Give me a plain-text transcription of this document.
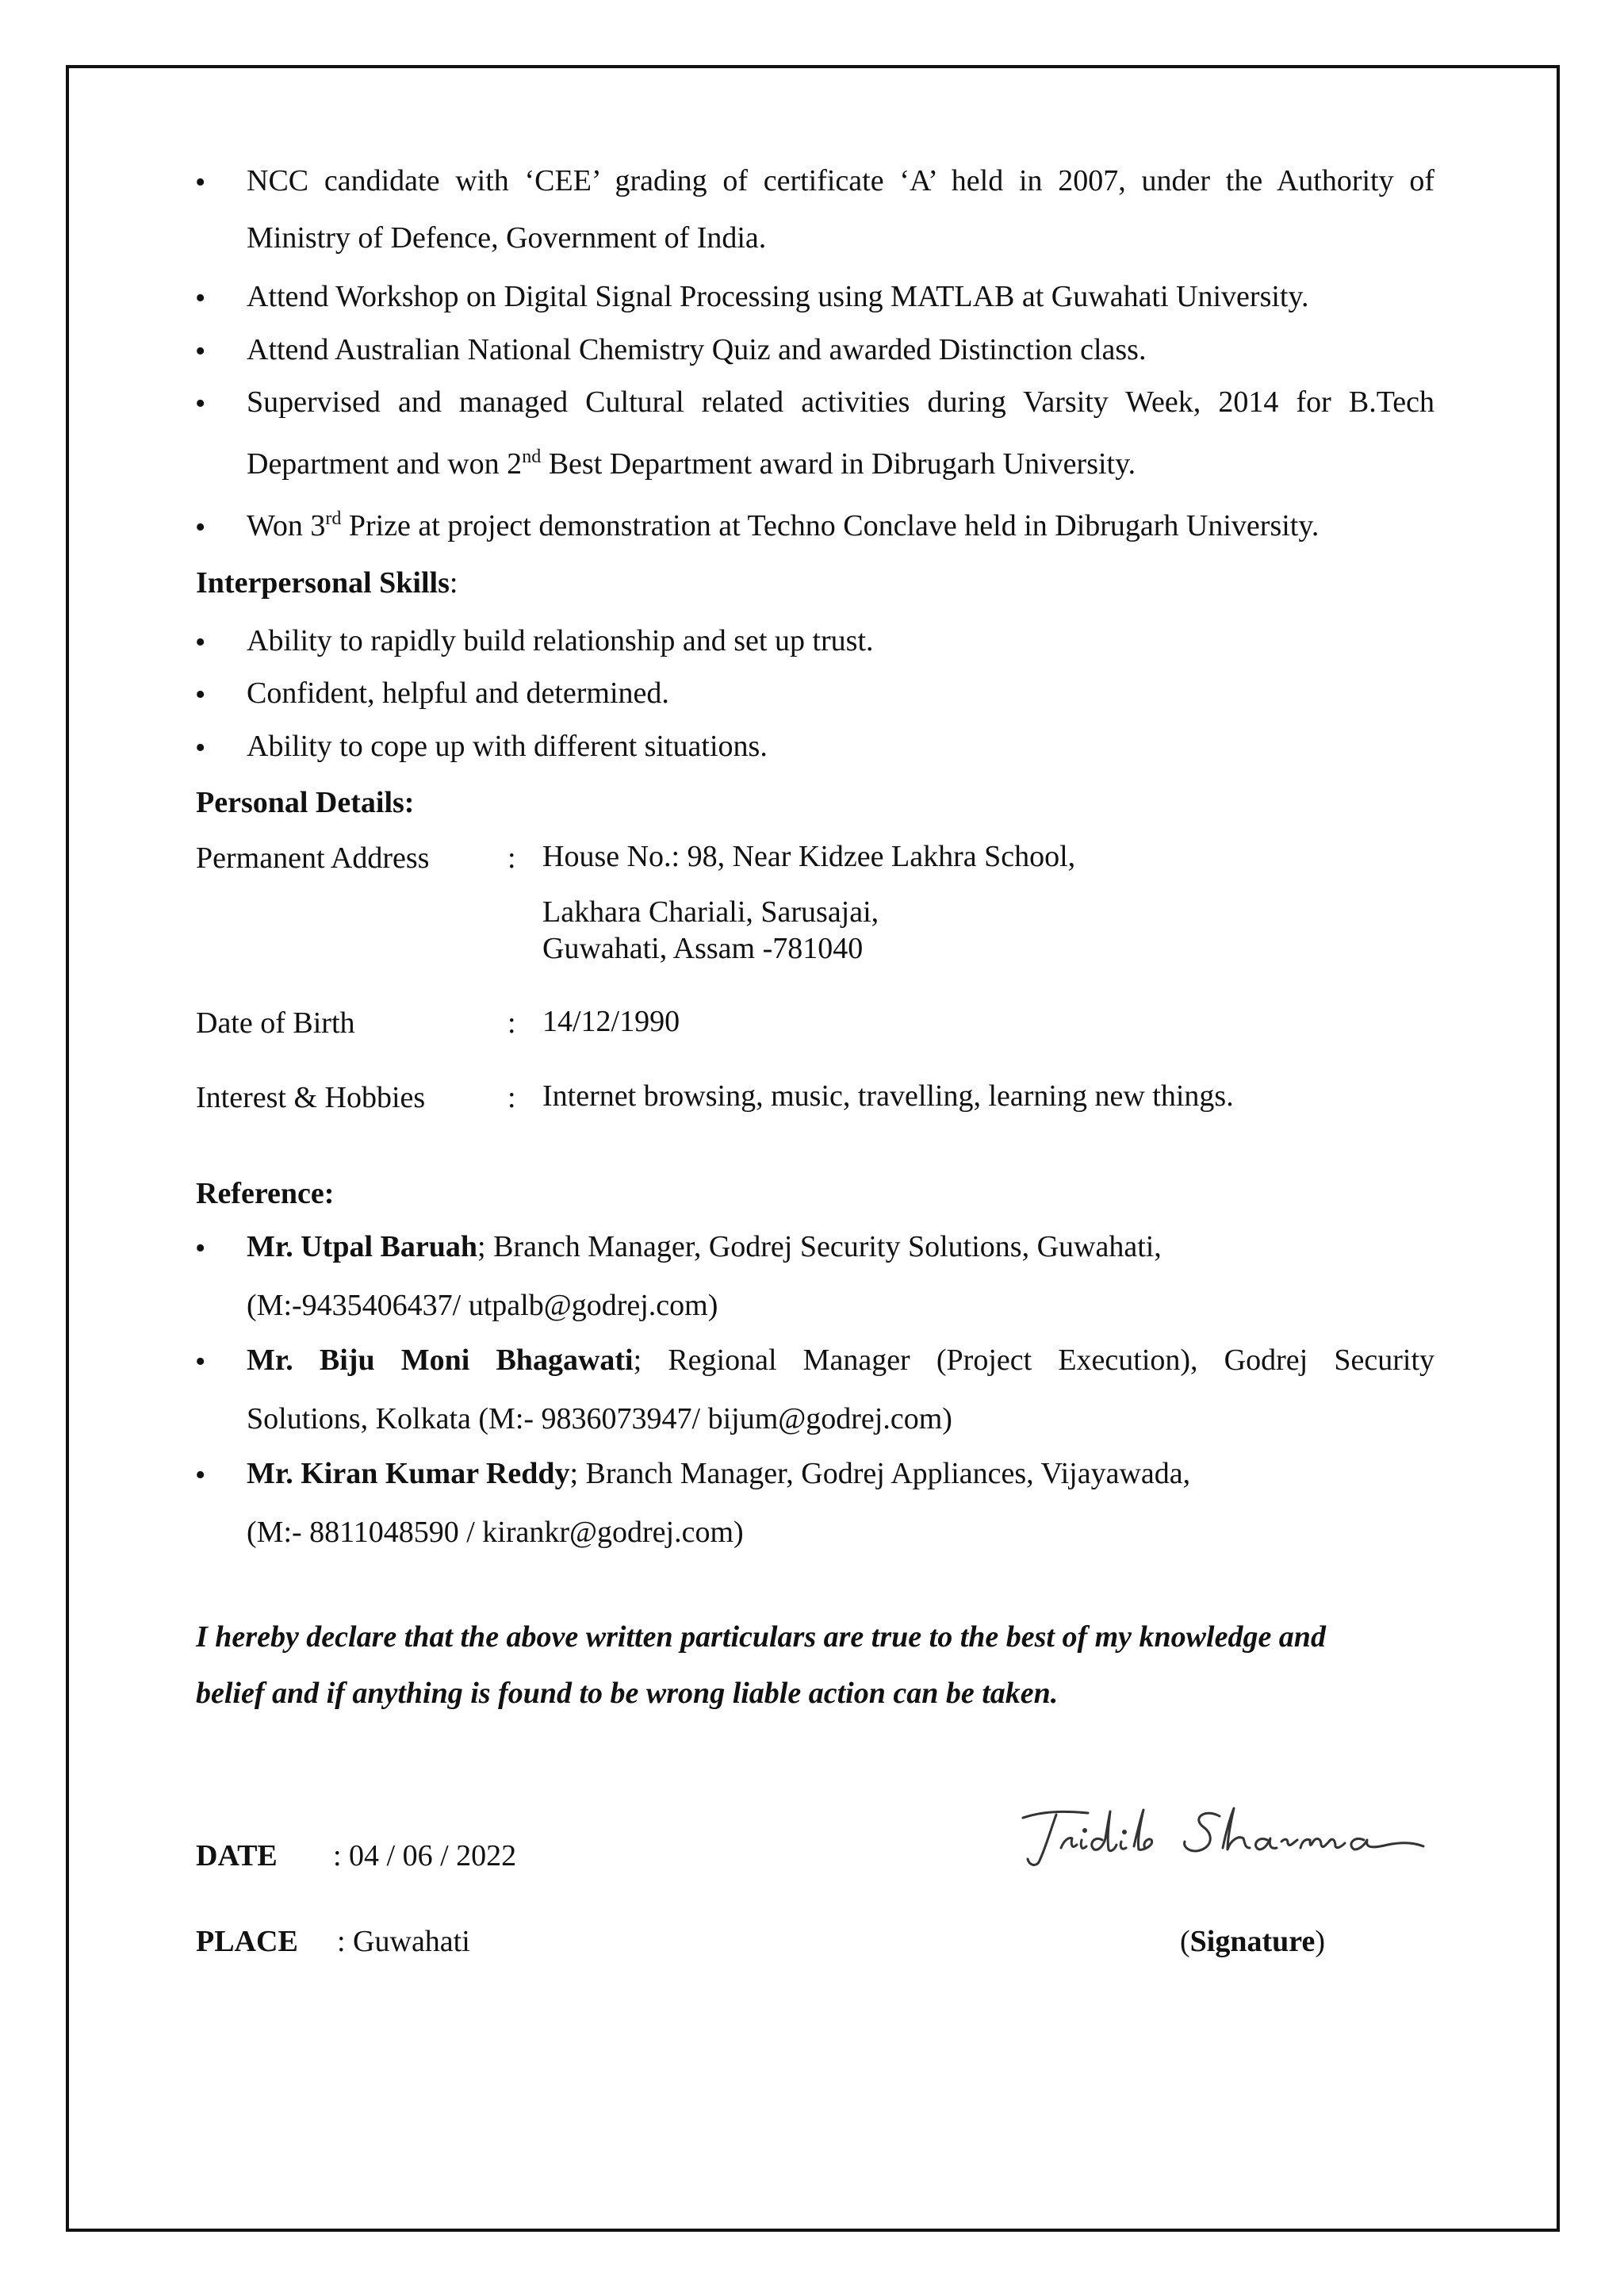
• NCC candidate with ‘CEE’ grading of certificate ‘A’ held in 2007, under the Authority of
Ministry of Defence, Government of India.
• Attend Workshop on Digital Signal Processing using MATLAB at Guwahati University.
• Attend Australian National Chemistry Quiz and awarded Distinction class.
• Supervised and managed Cultural related activities during Varsity Week, 2014 for B.Tech
Department and won 2nd Best Department award in Dibrugarh University.
• Won 3rd Prize at project demonstration at Techno Conclave held in Dibrugarh University.
Interpersonal Skills:
• Ability to rapidly build relationship and set up trust.
• Confident, helpful and determined.
• Ability to cope up with different situations.
Personal Details:
Permanent Address	: House No.: 98, Near Kidzee Lakhra School,
Lakhara Chariali, Sarusajai,
Guwahati, Assam -781040
Date of Birth	: 14/12/1990
Interest & Hobbies	: Internet browsing, music, travelling, learning new things.
Reference:
• Mr. Utpal Baruah; Branch Manager, Godrej Security Solutions, Guwahati,
(M:-9435406437/ utpalb@godrej.com)
• Mr. Biju Moni Bhagawati; Regional Manager (Project Execution), Godrej Security
Solutions, Kolkata (M:- 9836073947/ bijum@godrej.com)
• Mr. Kiran Kumar Reddy; Branch Manager, Godrej Appliances, Vijayawada,
(M:- 8811048590 / kirankr@godrej.com)
I hereby declare that the above written particulars are true to the best of my knowledge and
belief and if anything is found to be wrong liable action can be taken.
DATE : 04 / 06 / 2022
PLACE : Guwahati	(Signature)
